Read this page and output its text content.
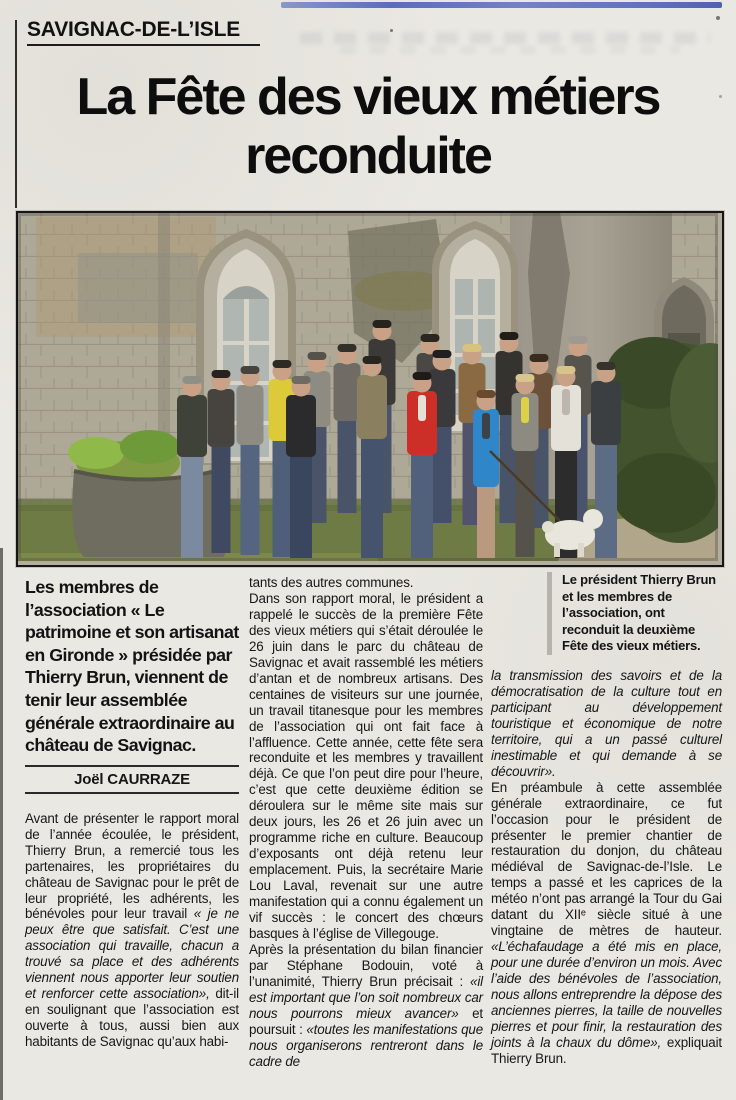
SAVIGNAC-DE-L’ISLE
La Fête des vieux métiers reconduite
Les membres de l’association « Le patrimoine et son artisanat en Gironde » présidée par Thierry Brun, viennent de tenir leur assemblée générale extraordinaire au château de Savignac.
Joël CAURRAZE

Avant de présenter le rapport moral de l’année écoulée, le président, Thierry Brun, a remercié tous les partenaires, les propriétaires du château de Savignac pour le prêt de leur propriété, les adhérents, les bénévoles pour leur travail « je ne peux être que satisfait. C’est une association qui travaille, chacun a trouvé sa place et des adhérents viennent nous apporter leur soutien et renforcer cette association», dit-il en soulignant que l’association est ouverte à tous, aussi bien aux habitants de Savignac qu’aux habi-

tants des autres communes.

Dans son rapport moral, le président a rappelé le succès de la première Fête des vieux métiers qui s’était déroulée le 26 juin dans le parc du château de Savignac et avait rassemblé les métiers d’antan et de nombreux artisans. Des centaines de visiteurs sur une journée, un travail titanesque pour les membres de l’association qui ont fait face à l’affluence. Cette année, cette fête sera reconduite et les membres y travaillent déjà. Ce que l’on peut dire pour l’heure, c’est que cette deuxième édition se déroulera sur le même site mais sur deux jours, les 26 et 26 juin avec un programme riche en culture. Beaucoup d’exposants ont déjà retenu leur emplacement. Puis, la secrétaire Marie Lou Laval, revenait sur une autre manifestation qui a connu également un vif succès : le concert des chœurs basques à l’église de Villegouge.

Après la présentation du bilan financier par Stéphane Bodouin, voté à l’unanimité, Thierry Brun précisait : «il est important que l’on soit nombreux car nous pourrons mieux avancer» et poursuit : «toutes les manifestations que nous organiserons rentreront dans le cadre de

Le président Thierry Brun et les membres de l’association, ont reconduit la deuxième Fête des vieux métiers.

la transmission des savoirs et de la démocratisation de la culture tout en participant au développement touristique et économique de notre territoire, qui a un passé culturel inestimable et qui demande à se découvrir».

En préambule à cette assemblée générale extraordinaire, ce fut l’occasion pour le président de présenter le premier chantier de restauration du donjon, du château médiéval de Savignac-de-l’Isle. Le temps a passé et les caprices de la météo n’ont pas arrangé la Tour du Gai datant du XIIᵉ siècle situé à une vingtaine de mètres de hauteur. «L’échafaudage a été mis en place, pour une durée d’environ un mois. Avec l’aide des bénévoles de l’association, nous allons entreprendre la dépose des anciennes pierres, la taille de nouvelles pierres et pour finir, la restauration des joints à la chaux du dôme», expliquait Thierry Brun.
